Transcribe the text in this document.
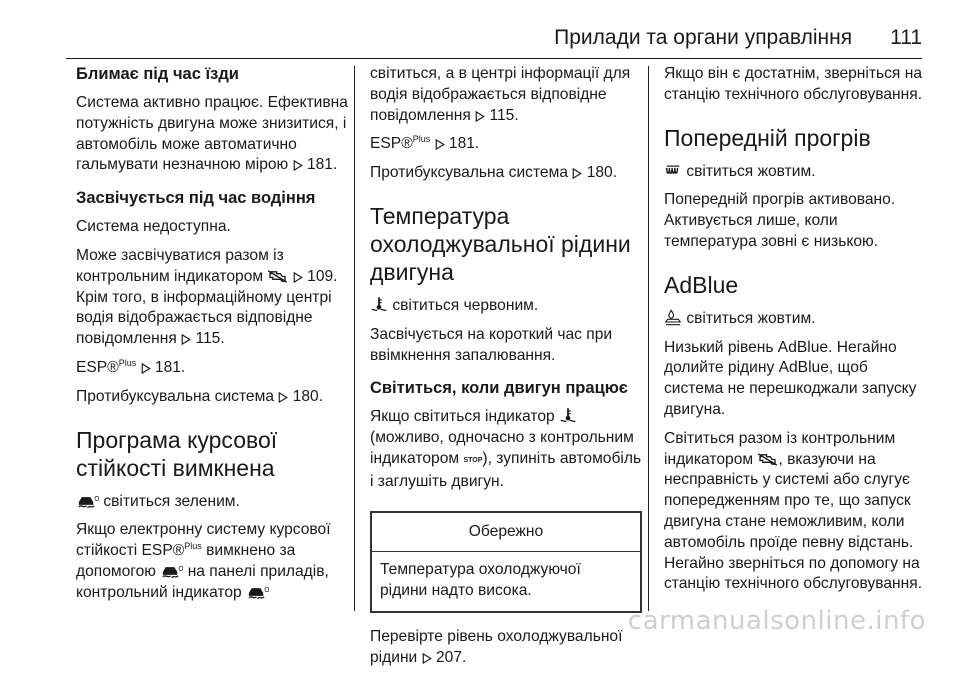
Прилади та органи управління 111
Блимає під час їзди

Система активно працює. Ефективна потужність двигуна може знизитися, і автомобіль може автоматично гальмувати незначною мірою 181.

Засвічується під час водіння

Система недоступна.

Може засвічуватися разом із контрольним індикатором	109. Крім того, в інформаційному центрі водія відображається відповідне повідомлення 115.

ESP®$^{Plus}$ 181.

Протибуксувальна система 180.

Програма курсової стійкості вимкнена

світиться зеленим.

Якщо електронну систему курсової стійкості ESP®$^{Plus}$ вимкнено за допомогою на панелі приладів, контрольний індикатор

світиться, а в центрі інформації для водія відображається відповідне повідомлення 115.

ESP®$^{Plus}$ 181.

Протибуксувальна система 180.

Температура охолоджувальної рідини двигуна

світиться червоним.

Засвічується на короткий час при ввімкнення запалювання.

Світиться, коли двигун працює

Якщо світиться індикатор  (можливо, одночасно з контрольним індикатором STOP), зупиніть автомобіль і заглушіть двигун.

Обережно
Температура охолоджуючої рідини надто висока.

Перевірте рівень охолоджувальної рідини 207.

Якщо він є достатнім, зверніться на станцію технічного обслуговування.

Попередній прогрів

світиться жовтим.

Попередній прогрів активовано. Активується лише, коли температура зовні є низькою.

AdBlue

світиться жовтим.

Низький рівень AdBlue. Негайно долийте рідину AdBlue, щоб система не перешкоджали запуску двигуна.

Світиться разом із контрольним індикатором , вказуючи на несправність у системі або слугує попередженням про те, що запуск двигуна стане неможливим, коли автомобіль проїде певну відстань. Негайно зверніться по допомогу на станцію технічного обслуговування.

carmanualsonline.info
